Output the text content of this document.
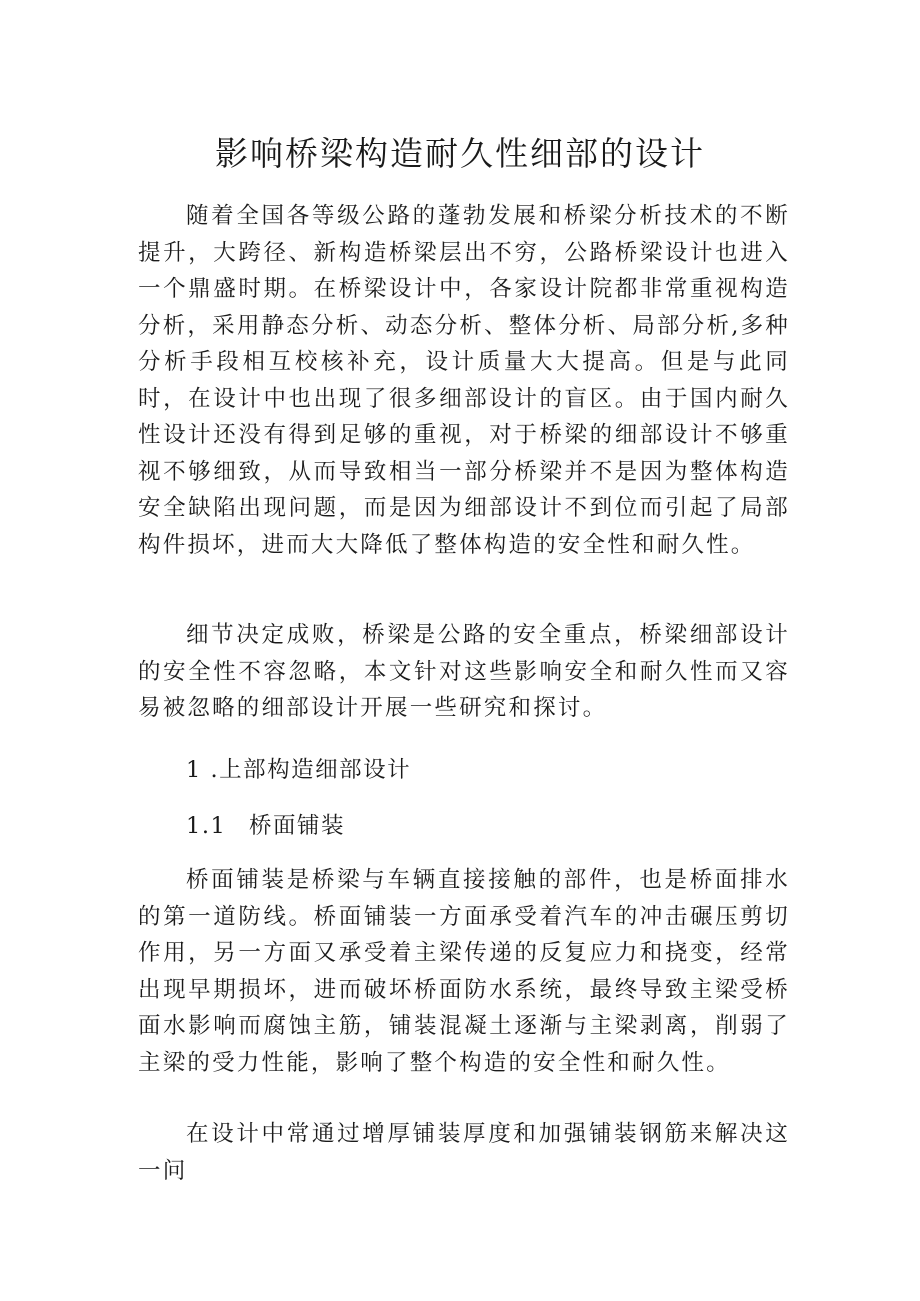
影响桥梁构造耐久性细部的设计

随着全国各等级公路的蓬勃发展和桥梁分析技术的不断提升，大跨径、新构造桥梁层出不穷，公路桥梁设计也进入一个鼎盛时期。在桥梁设计中，各家设计院都非常重视构造分析，采用静态分析、动态分析、整体分析、局部分析,多种分析手段相互校核补充，设计质量大大提高。但是与此同时，在设计中也出现了很多细部设计的盲区。由于国内耐久性设计还没有得到足够的重视，对于桥梁的细部设计不够重视不够细致，从而导致相当一部分桥梁并不是因为整体构造安全缺陷出现问题，而是因为细部设计不到位而引起了局部构件损坏，进而大大降低了整体构造的安全性和耐久性。

细节决定成败，桥梁是公路的安全重点，桥梁细部设计的安全性不容忽略，本文针对这些影响安全和耐久性而又容易被忽略的细部设计开展一些研究和探讨。

1 .上部构造细部设计
1.1 桥面铺装

桥面铺装是桥梁与车辆直接接触的部件，也是桥面排水的第一道防线。桥面铺装一方面承受着汽车的冲击碾压剪切作用，另一方面又承受着主梁传递的反复应力和挠变，经常出现早期损坏，进而破坏桥面防水系统，最终导致主梁受桥面水影响而腐蚀主筋，铺装混凝土逐渐与主梁剥离，削弱了主梁的受力性能，影响了整个构造的安全性和耐久性。

在设计中常通过增厚铺装厚度和加强铺装钢筋来解决这一问
